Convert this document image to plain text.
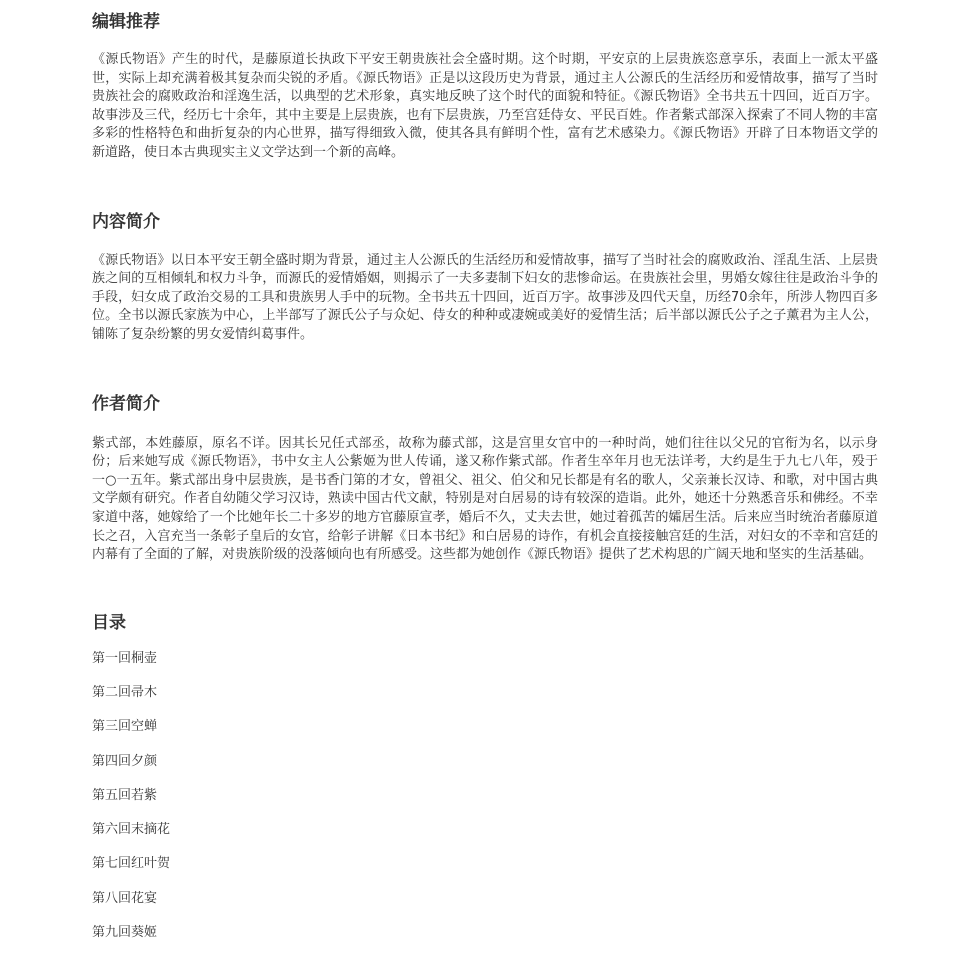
编辑推荐

《源氏物语》产生的时代，是藤原道长执政下平安王朝贵族社会全盛时期。这个时期，平安京的上层贵族恣意享乐，表面上一派太平盛世，实际上却充满着极其复杂而尖锐的矛盾。《源氏物语》正是以这段历史为背景，通过主人公源氏的生活经历和爱情故事，描写了当时贵族社会的腐败政治和淫逸生活，以典型的艺术形象，真实地反映了这个时代的面貌和特征。《源氏物语》全书共五十四回，近百万字。故事涉及三代，经历七十余年，其中主要是上层贵族，也有下层贵族，乃至宫廷侍女、平民百姓。作者紫式部深入探索了不同人物的丰富多彩的性格特色和曲折复杂的内心世界，描写得细致入微，使其各具有鲜明个性，富有艺术感染力。《源氏物语》开辟了日本物语文学的新道路，使日本古典现实主义文学达到一个新的高峰。

内容简介

《源氏物语》以日本平安王朝全盛时期为背景，通过主人公源氏的生活经历和爱情故事，描写了当时社会的腐败政治、淫乱生活、上层贵族之间的互相倾轧和权力斗争，而源氏的爱情婚姻，则揭示了一夫多妻制下妇女的悲惨命运。在贵族社会里，男婚女嫁往往是政治斗争的手段，妇女成了政治交易的工具和贵族男人手中的玩物。全书共五十四回，近百万字。故事涉及四代天皇，历经70余年，所涉人物四百多位。全书以源氏家族为中心，上半部写了源氏公子与众妃、侍女的种种或凄婉或美好的爱情生活；后半部以源氏公子之子薰君为主人公，铺陈了复杂纷繁的男女爱情纠葛事件。

作者简介

紫式部，本姓藤原，原名不详。因其长兄任式部丞，故称为藤式部，这是宫里女官中的一种时尚，她们往往以父兄的官衔为名，以示身份；后来她写成《源氏物语》，书中女主人公紫姬为世人传诵，遂又称作紫式部。作者生卒年月也无法详考，大约是生于九七八年，殁于一○一五年。紫式部出身中层贵族，是书香门第的才女，曾祖父、祖父、伯父和兄长都是有名的歌人，父亲兼长汉诗、和歌，对中国古典文学颇有研究。作者自幼随父学习汉诗，熟读中国古代文献，特别是对白居易的诗有较深的造诣。此外，她还十分熟悉音乐和佛经。不幸家道中落，她嫁给了一个比她年长二十多岁的地方官藤原宣孝，婚后不久，丈夫去世，她过着孤苦的孀居生活。后来应当时统治者藤原道长之召，入宫充当一条彰子皇后的女官，给彰子讲解《日本书纪》和白居易的诗作，有机会直接接触宫廷的生活，对妇女的不幸和宫廷的内幕有了全面的了解，对贵族阶级的没落倾向也有所感受。这些都为她创作《源氏物语》提供了艺术构思的广阔天地和坚实的生活基础。

目录
第一回桐壶
第二回帚木
第三回空蝉
第四回夕颜
第五回若紫
第六回末摘花
第七回红叶贺
第八回花宴
第九回葵姬
